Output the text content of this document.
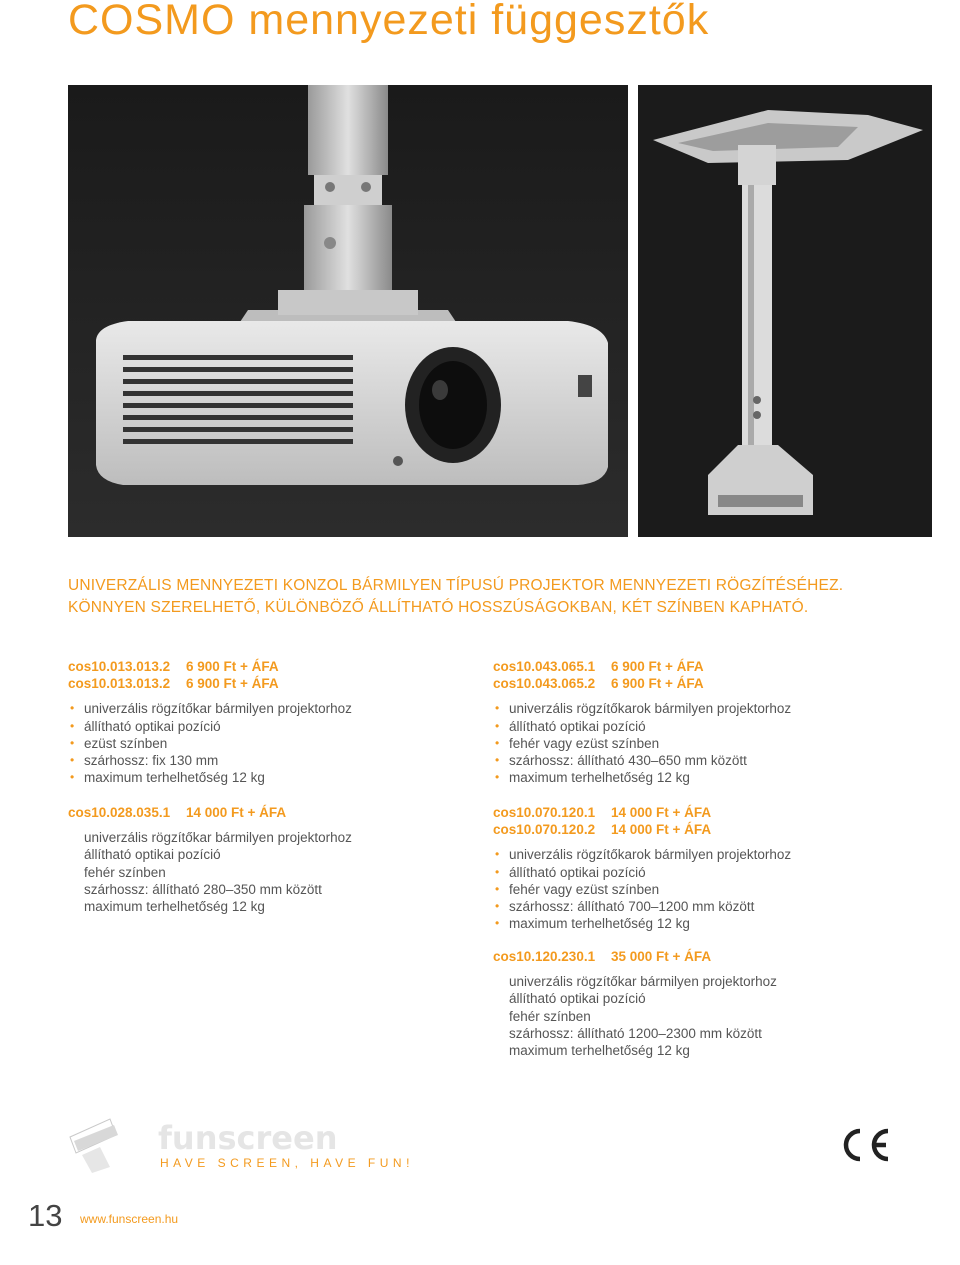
COSMO mennyezeti függesztők
UNIVERZÁLIS MENNYEZETI KONZOL BÁRMILYEN TÍPUSÚ PROJEKTOR MENNYEZETI RÖGZÍTÉSÉHEZ.
KÖNNYEN SZERELHETŐ, KÜLÖNBÖZŐ ÁLLÍTHATÓ HOSSZÚSÁGOKBAN, KÉT SZÍNBEN KAPHATÓ.
cos10.013.013.2	6 900 Ft + ÁFA
cos10.013.013.2	6 900 Ft + ÁFA
• univerzális rögzítőkar bármilyen projektorhoz
• állítható optikai pozíció
• ezüst színben
• szárhossz: fix 130 mm
• maximum terhelhetőség 12 kg
cos10.028.035.1	14 000 Ft + ÁFA
univerzális rögzítőkar bármilyen projektorhoz
állítható optikai pozíció
fehér színben
szárhossz: állítható 280–350 mm között
maximum terhelhetőség 12 kg
cos10.043.065.1	6 900 Ft + ÁFA
cos10.043.065.2	6 900 Ft + ÁFA
• univerzális rögzítőkarok bármilyen projektorhoz
• állítható optikai pozíció
• fehér vagy ezüst színben
• szárhossz: állítható 430–650 mm között
• maximum terhelhetőség 12 kg
cos10.070.120.1	14 000 Ft + ÁFA
cos10.070.120.2	14 000 Ft + ÁFA
• univerzális rögzítőkarok bármilyen projektorhoz
• állítható optikai pozíció
• fehér vagy ezüst színben
• szárhossz: állítható 700–1200 mm között
• maximum terhelhetőség 12 kg
cos10.120.230.1	35 000 Ft + ÁFA
univerzális rögzítőkar bármilyen projektorhoz
állítható optikai pozíció
fehér színben
szárhossz: állítható 1200–2300 mm között
maximum terhelhetőség 12 kg
funscreen
HAVE SCREEN, HAVE FUN!
13 www.funscreen.hu
